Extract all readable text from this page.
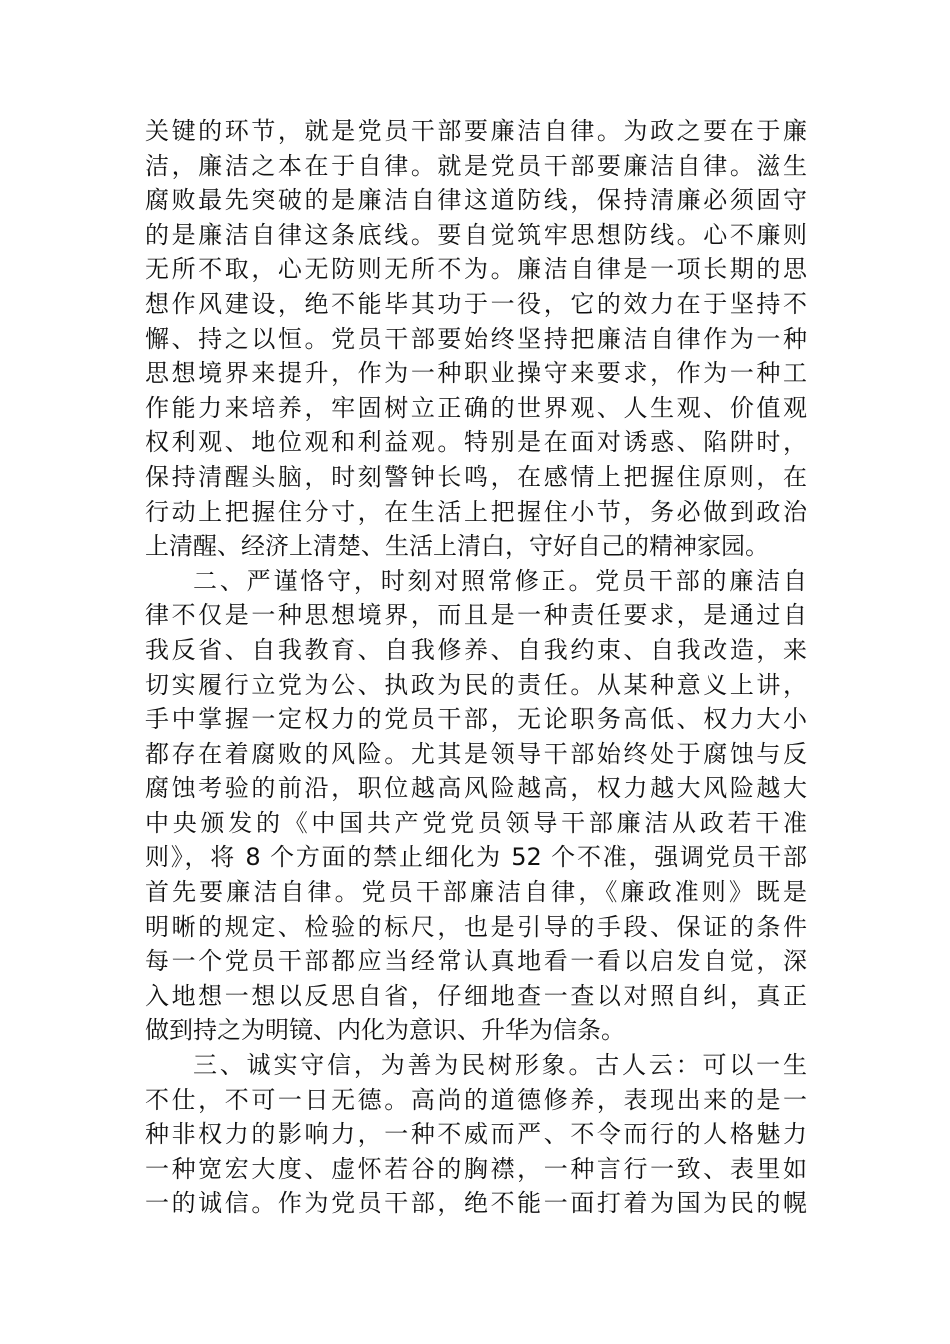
关键的环节，就是党员干部要廉洁自律。为政之要在于廉
洁，廉洁之本在于自律。就是党员干部要廉洁自律。滋生
腐败最先突破的是廉洁自律这道防线，保持清廉必须固守
的是廉洁自律这条底线。要自觉筑牢思想防线。心不廉则
无所不取，心无防则无所不为。廉洁自律是一项长期的思
想作风建设，绝不能毕其功于一役，它的效力在于坚持不
懈、持之以恒。党员干部要始终坚持把廉洁自律作为一种
思想境界来提升，作为一种职业操守来要求，作为一种工
作能力来培养，牢固树立正确的世界观、人生观、价值观
权利观、地位观和利益观。特别是在面对诱惑、陷阱时，
保持清醒头脑，时刻警钟长鸣，在感情上把握住原则，在
行动上把握住分寸，在生活上把握住小节，务必做到政治
上清醒、经济上清楚、生活上清白，守好自己的精神家园。
二、严谨恪守，时刻对照常修正。党员干部的廉洁自
律不仅是一种思想境界，而且是一种责任要求，是通过自
我反省、自我教育、自我修养、自我约束、自我改造，来
切实履行立党为公、执政为民的责任。从某种意义上讲，
手中掌握一定权力的党员干部，无论职务高低、权力大小
都存在着腐败的风险。尤其是领导干部始终处于腐蚀与反
腐蚀考验的前沿，职位越高风险越高，权力越大风险越大
中央颁发的《中国共产党党员领导干部廉洁从政若干准
则》，将 8 个方面的禁止细化为 52 个不准，强调党员干部
首先要廉洁自律。党员干部廉洁自律，《廉政准则》既是
明晰的规定、检验的标尺，也是引导的手段、保证的条件
每一个党员干部都应当经常认真地看一看以启发自觉，深
入地想一想以反思自省，仔细地查一查以对照自纠，真正
做到持之为明镜、内化为意识、升华为信条。
三、诚实守信，为善为民树形象。古人云：可以一生
不仕，不可一日无德。高尚的道德修养，表现出来的是一
种非权力的影响力，一种不威而严、不令而行的人格魅力
一种宽宏大度、虚怀若谷的胸襟，一种言行一致、表里如
一的诚信。作为党员干部，绝不能一面打着为国为民的幌
